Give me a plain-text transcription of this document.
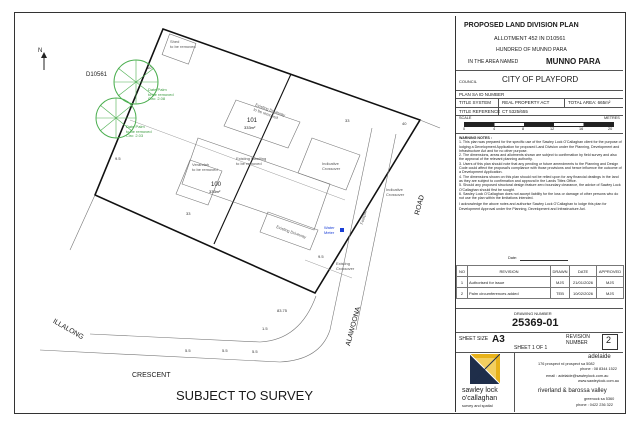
N
D10561
10
33
33
9.5
9.5
83.75
5.5	5.5	5.5
1.5
40
Shed
to be removed
Date Palm
to be removed
Circ: 2.08
Date Palm
to be removed
Circ: 2.03
Existing Driveway
to be removed
101
333m²
Existing Dwelling
to be removed
Verandah
to be removed
100
333m²
Existing Driveway
Indicative
Crossover
Indicative
Crossover
Water
Meter
Existing
Crossover
Footpath
ALAWOONA
ROAD
ILLALONG
CRESCENT
SUBJECT TO SURVEY
PROPOSED LAND DIVISION PLAN
ALLOTMENT 452 IN D10561
HUNDRED OF MUNNO PARA
IN THE AREA NAMED	MUNNO PARA
COUNCIL	CITY OF PLAYFORD
PLAN SA ID NUMBER
TITLE SYSTEM REAL PROPERTY ACT	TOTAL AREA: 665m²
TITLE REFERENCE CT 5325/655
SCALE	METRES
0	4	8	12	16	20
WARNING NOTES :
1. This plan was prepared for the specific use of the Sawley Lock O'Callaghan client for the purpose of lodging a Development Application for proposed Land Division under the Planning, Development and Infrastructure Act and for no other purpose.
2. The dimensions, areas and allotments shown are subject to confirmation by field survey and also the approval of the relevant planning authority.
3. Users of this plan should note that any pending or future amendments to the Planning and Design Code could affect the proposal's compliance with those provisions and hence influence the outcome of a Development Application.
4. The dimensions shown on this plan should not be relied upon for any financial dealings in the land as they are subject to confirmation and approval in the Lands Titles Office.
5. Should any proposed structural design feature zero boundary clearance, the advice of Sawley Lock O'Callaghan should first be sought.
6. Sawley Lock O'Callaghan does not accept liability for the loss or damage of other persons who do not use the plan within the limitations intended.
I acknowledge the above notes and authorise Sawley Lock O'Callaghan to lodge this plan for Development Approval under the Planning, Development and Infrastructure Act.
Date:
NO	REVISION	DRAWN	DATE	APPROVED
1	Authorised for issue	MJS	21/01/2026	MJS
2	Palm circumferences added	TEB	10/02/2026	MJS
DRAWING NUMBER
25369-01
SHEET SIZE A3
SHEET 1 OF 1
REVISION
NUMBER 2
sawley lock
o'callaghan
survey and spatial
adelaide
176 prospect rd prospect sa 5082
phone : 08 8344 1522
email : adelaide@sawleylock.com.au
www.sawleylock.com.au
riverland & barossa valley
greenock sa 5360
phone : 0422 236 322
